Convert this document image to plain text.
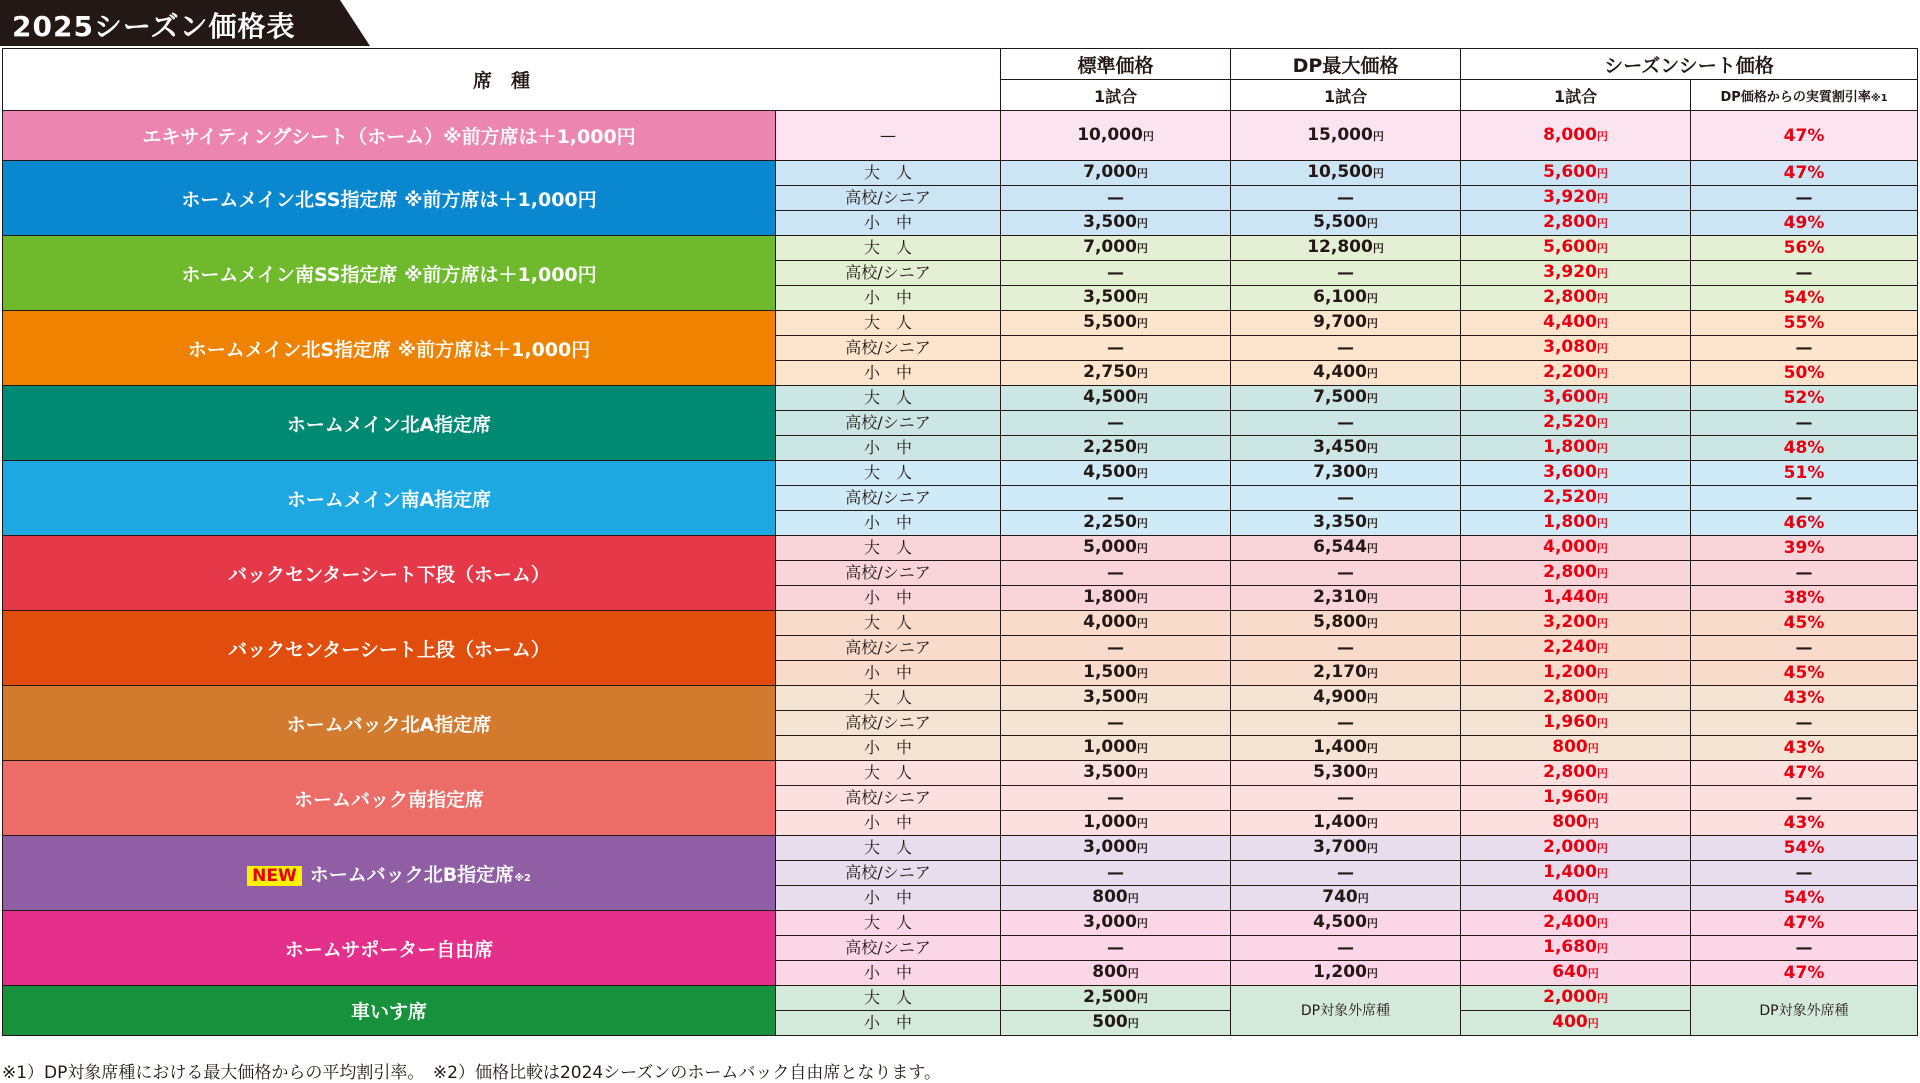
2025シーズン価格表
席　種		標準価格	DP最大価格	シーズンシート価格	
		1試合	1試合	1試合	DP価格からの実質割引率※1
エキサイティングシート（ホーム）※前方席は＋1,000円	—	10,000円	15,000円	8,000円	47%
ホームメイン北SS指定席 ※前方席は＋1,000円	大　人	7,000円	10,500円	5,600円	47%
	高校/シニア	—	—	3,920円	—
	小　中	3,500円	5,500円	2,800円	49%
ホームメイン南SS指定席 ※前方席は＋1,000円	大　人	7,000円	12,800円	5,600円	56%
	高校/シニア	—	—	3,920円	—
	小　中	3,500円	6,100円	2,800円	54%
ホームメイン北S指定席 ※前方席は＋1,000円	大　人	5,500円	9,700円	4,400円	55%
	高校/シニア	—	—	3,080円	—
	小　中	2,750円	4,400円	2,200円	50%
ホームメイン北A指定席	大　人	4,500円	7,500円	3,600円	52%
	高校/シニア	—	—	2,520円	—
	小　中	2,250円	3,450円	1,800円	48%
ホームメイン南A指定席	大　人	4,500円	7,300円	3,600円	51%
	高校/シニア	—	—	2,520円	—
	小　中	2,250円	3,350円	1,800円	46%
バックセンターシート下段（ホーム）	大　人	5,000円	6,544円	4,000円	39%
	高校/シニア	—	—	2,800円	—
	小　中	1,800円	2,310円	1,440円	38%
バックセンターシート上段（ホーム）	大　人	4,000円	5,800円	3,200円	45%
	高校/シニア	—	—	2,240円	—
	小　中	1,500円	2,170円	1,200円	45%
ホームバック北A指定席	大　人	3,500円	4,900円	2,800円	43%
	高校/シニア	—	—	1,960円	—
	小　中	1,000円	1,400円	800円	43%
ホームバック南指定席	大　人	3,500円	5,300円	2,800円	47%
	高校/シニア	—	—	1,960円	—
	小　中	1,000円	1,400円	800円	43%
NEW ホームバック北B指定席※2	大　人	3,000円	3,700円	2,000円	54%
	高校/シニア	—	—	1,400円	—
	小　中	800円	740円	400円	54%
ホームサポーター自由席	大　人	3,000円	4,500円	2,400円	47%
	高校/シニア	—	—	1,680円	—
	小　中	800円	1,200円	640円	47%
車いす席	大　人	2,500円	DP対象外席種	2,000円	DP対象外席種
	小　中	500円		400円	
※1）DP対象席種における最大価格からの平均割引率。　※2）価格比較は2024シーズンのホームバック自由席となります。
